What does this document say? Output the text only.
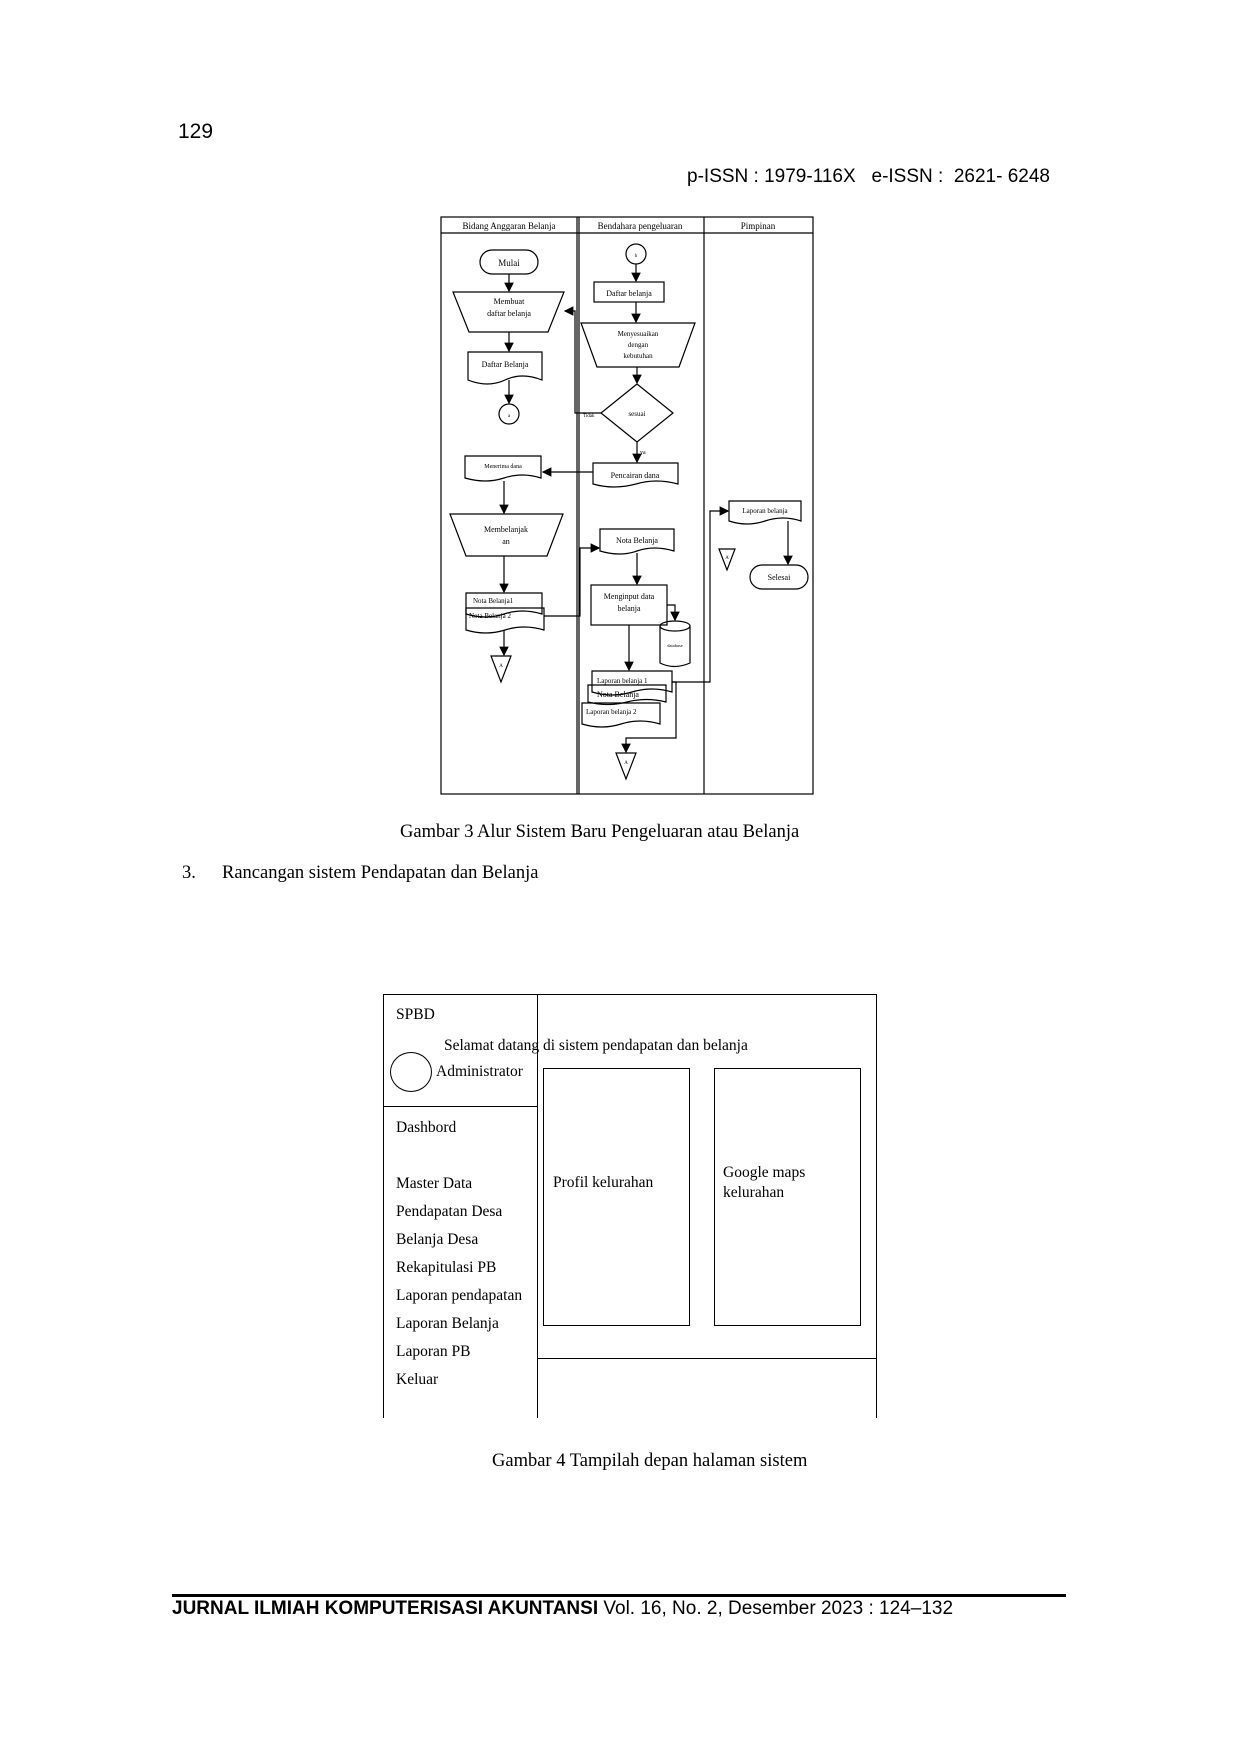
129
p-ISSN : 1979-116X   e-ISSN :  2621- 6248
Bidang Anggaran Belanja	Bendahara pengeluaran	Pimpinan
Mulai
Membuat
daftar belanja
Daftar Belanja
a
b
Daftar belanja
Menyesuaikan
dengan
kebutuhan
sesuai
Tidak
ya
Menerima dana
Pencairan dana
Membelanjak
an	Nota Belanja
Nota Belanja1
Nota Belanja 2
Menginput data
belanja
database
Laporan belanja 1
Nota Belanja
Laporan belanja 2
Laporan belanja
Selesai
A
A
A
Gambar 3 Alur Sistem Baru Pengeluaran atau Belanja
3. Rancangan sistem Pendapatan dan Belanja
SPBD
Selamat datang di sistem pendapatan dan belanja
Administrator
Dashbord
Master Data
Pendapatan Desa
Belanja Desa
Rekapitulasi PB
Laporan pendapatan
Laporan Belanja
Laporan PB
Keluar
Profil kelurahan
Google maps
kelurahan
Gambar 4 Tampilah depan halaman sistem
JURNAL ILMIAH KOMPUTERISASI AKUNTANSI Vol. 16, No. 2, Desember 2023 : 124–132
